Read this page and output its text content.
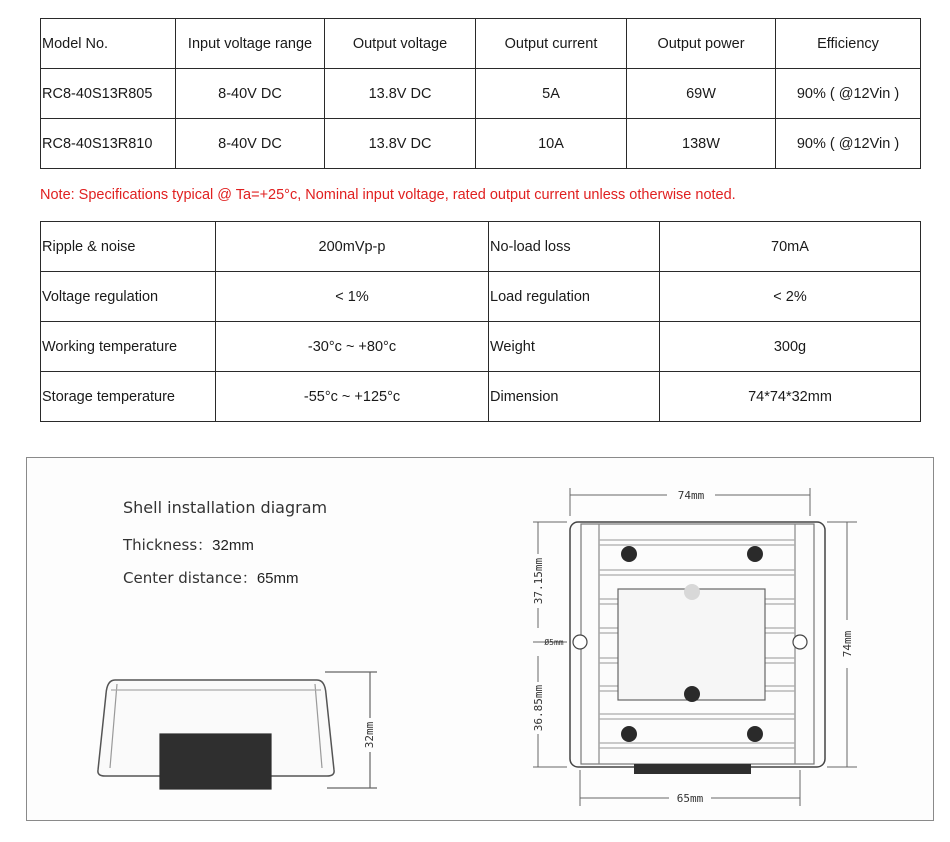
Model No.	Input voltage range	Output voltage	Output current	Output power	Efficiency
RC8-40S13R805	8-40V DC	13.8V DC	5A	69W	90% ( @12Vin )
RC8-40S13R810	8-40V DC	13.8V DC	10A	138W	90% ( @12Vin )
Note: Specifications typical @ Ta=+25°c, Nominal input voltage, rated output current unless otherwise noted.
Ripple & noise	200mVp-p	No-load loss	70mA
Voltage regulation	< 1%	Load regulation	< 2%
Working temperature	-30°c ~ +80°c	Weight	300g
Storage temperature	-55°c ~ +125°c	Dimension	74*74*32mm
Shell installation diagram
Thickness：32mm
Center distance：65mm
32mm
74mm
74mm
37.15mm
Ø5mm
36.85mm
65mm
